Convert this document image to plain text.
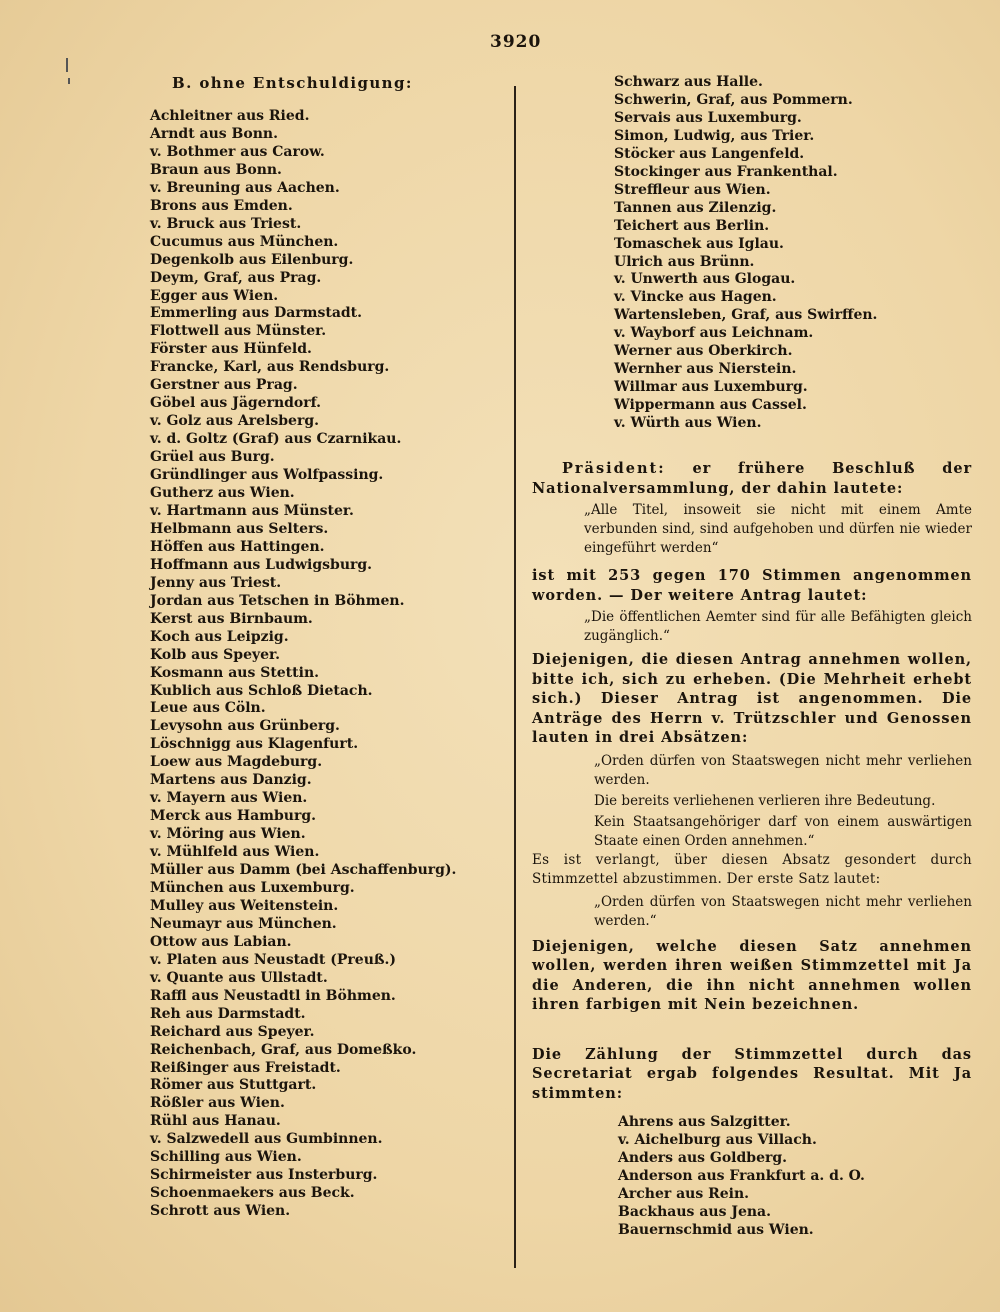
3920
B. ohne Entschuldigung:
Achleitner aus Ried.
Arndt aus Bonn.
v. Bothmer aus Carow.
Braun aus Bonn.
v. Breuning aus Aachen.
Brons aus Emden.
v. Bruck aus Triest.
Cucumus aus München.
Degenkolb aus Eilenburg.
Deym, Graf, aus Prag.
Egger aus Wien.
Emmerling aus Darmstadt.
Flottwell aus Münster.
Förster aus Hünfeld.
Francke, Karl, aus Rendsburg.
Gerstner aus Prag.
Göbel aus Jägerndorf.
v. Golz aus Arelsberg.
v. d. Goltz (Graf) aus Czarnikau.
Grüel aus Burg.
Gründlinger aus Wolfpassing.
Gutherz aus Wien.
v. Hartmann aus Münster.
Helbmann aus Selters.
Höffen aus Hattingen.
Hoffmann aus Ludwigsburg.
Jenny aus Triest.
Jordan aus Tetschen in Böhmen.
Kerst aus Birnbaum.
Koch aus Leipzig.
Kolb aus Speyer.
Kosmann aus Stettin.
Kublich aus Schloß Dietach.
Leue aus Cöln.
Levysohn aus Grünberg.
Löschnigg aus Klagenfurt.
Loew aus Magdeburg.
Martens aus Danzig.
v. Mayern aus Wien.
Merck aus Hamburg.
v. Möring aus Wien.
v. Mühlfeld aus Wien.
Müller aus Damm (bei Aschaffenburg).
München aus Luxemburg.
Mulley aus Weitenstein.
Neumayr aus München.
Ottow aus Labian.
v. Platen aus Neustadt (Preuß.)
v. Quante aus Ullstadt.
Raffl aus Neustadtl in Böhmen.
Reh aus Darmstadt.
Reichard aus Speyer.
Reichenbach, Graf, aus Domeßko.
Reißinger aus Freistadt.
Römer aus Stuttgart.
Rößler aus Wien.
Rühl aus Hanau.
v. Salzwedell aus Gumbinnen.
Schilling aus Wien.
Schirmeister aus Insterburg.
Schoenmaekers aus Beck.
Schrott aus Wien.
Schwarz aus Halle.
Schwerin, Graf, aus Pommern.
Servais aus Luxemburg.
Simon, Ludwig, aus Trier.
Stöcker aus Langenfeld.
Stockinger aus Frankenthal.
Streffleur aus Wien.
Tannen aus Zilenzig.
Teichert aus Berlin.
Tomaschek aus Iglau.
Ulrich aus Brünn.
v. Unwerth aus Glogau.
v. Vincke aus Hagen.
Wartensleben, Graf, aus Swirffen.
v. Wayborf aus Leichnam.
Werner aus Oberkirch.
Wernher aus Nierstein.
Willmar aus Luxemburg.
Wippermann aus Cassel.
v. Würth aus Wien.

Präsident: er frühere Beschluß der Nationalversammlung, der dahin lautete:

„Alle Titel, insoweit sie nicht mit einem Amte verbunden sind, sind aufgehoben und dürfen nie wieder eingeführt werden“

ist mit 253 gegen 170 Stimmen angenommen worden. — Der weitere Antrag lautet:

„Die öffentlichen Aemter sind für alle Befähigten gleich zugänglich.“

Diejenigen, die diesen Antrag annehmen wollen, bitte ich, sich zu erheben. (Die Mehrheit erhebt sich.) Dieser Antrag ist angenommen. Die Anträge des Herrn v. Trützschler und Genossen lauten in drei Absätzen:

„Orden dürfen von Staatswegen nicht mehr verliehen werden.

Die bereits verliehenen verlieren ihre Bedeutung.

Kein Staatsangehöriger darf von einem auswärtigen Staate einen Orden annehmen.“

Es ist verlangt, über diesen Absatz gesondert durch Stimmzettel abzustimmen. Der erste Satz lautet:

„Orden dürfen von Staatswegen nicht mehr verliehen werden.“

Diejenigen, welche diesen Satz annehmen wollen, werden ihren weißen Stimmzettel mit Ja die Anderen, die ihn nicht annehmen wollen ihren farbigen mit Nein bezeichnen.

Die Zählung der Stimmzettel durch das Secretariat ergab folgendes Resultat. Mit Ja stimmten:

Ahrens aus Salzgitter.
v. Aichelburg aus Villach.
Anders aus Goldberg.
Anderson aus Frankfurt a. d. O.
Archer aus Rein.
Backhaus aus Jena.
Bauernschmid aus Wien.
